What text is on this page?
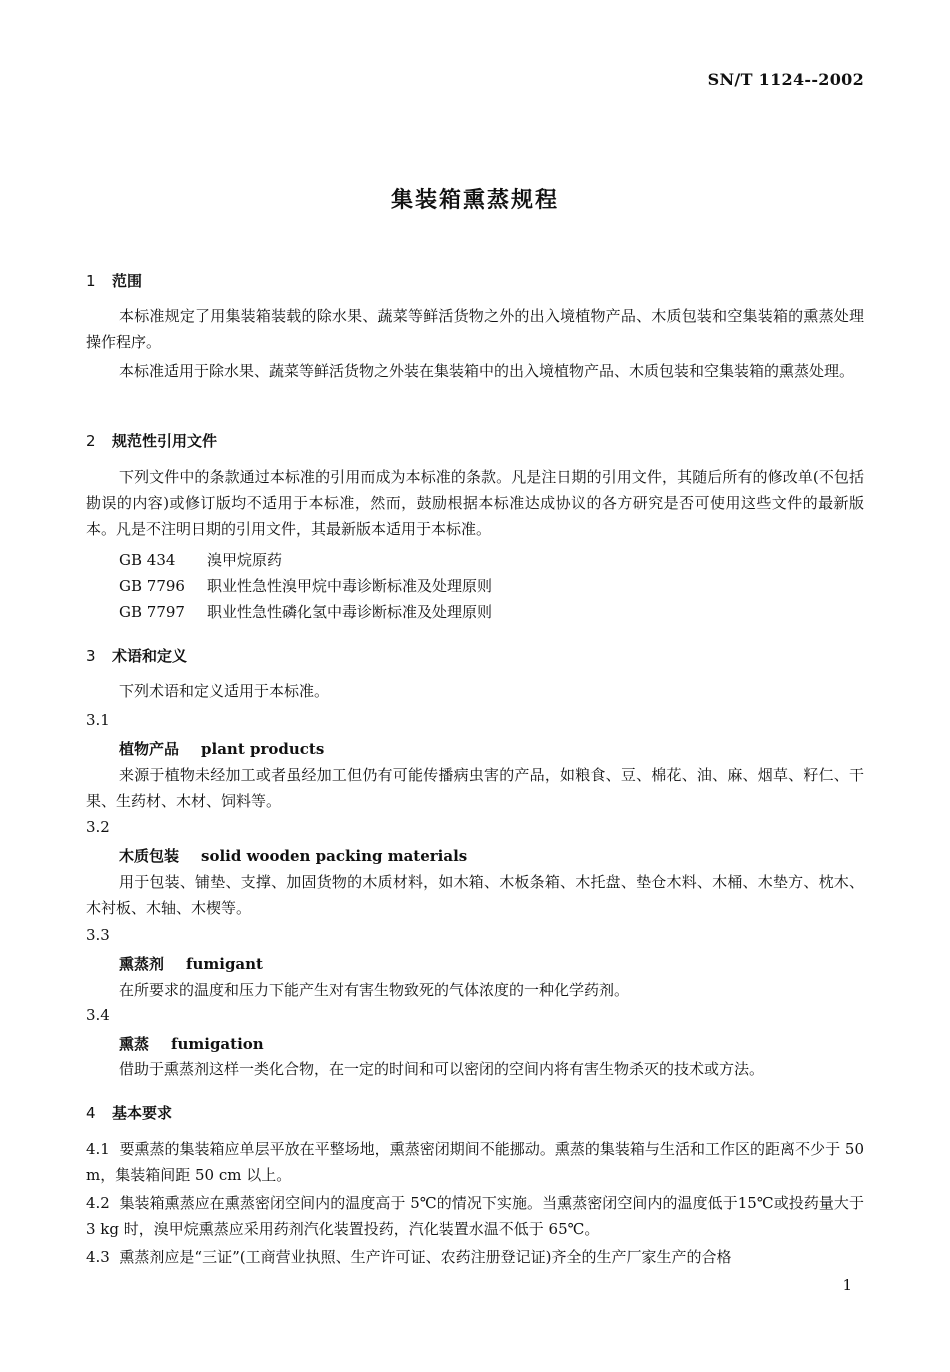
SN/T 1124--2002
集装箱熏蒸规程
1 范围
本标准规定了用集装箱装载的除水果、蔬菜等鲜活货物之外的出入境植物产品、木质包装和空集装箱的熏蒸处理操作程序。
本标准适用于除水果、蔬菜等鲜活货物之外装在集装箱中的出入境植物产品、木质包装和空集装箱的熏蒸处理。
2 规范性引用文件
下列文件中的条款通过本标准的引用而成为本标准的条款。凡是注日期的引用文件，其随后所有的修改单(不包括勘误的内容)或修订版均不适用于本标准，然而，鼓励根据本标准达成协议的各方研究是否可使用这些文件的最新版本。凡是不注明日期的引用文件，其最新版本适用于本标准。
GB 434 溴甲烷原药
GB 7796 职业性急性溴甲烷中毒诊断标准及处理原则
GB 7797 职业性急性磷化氢中毒诊断标准及处理原则
3 术语和定义
下列术语和定义适用于本标准。
3.1
植物产品 plant products
来源于植物未经加工或者虽经加工但仍有可能传播病虫害的产品，如粮食、豆、棉花、油、麻、烟草、籽仁、干果、生药材、木材、饲料等。
3.2
木质包装 solid wooden packing materials
用于包装、铺垫、支撑、加固货物的木质材料，如木箱、木板条箱、木托盘、垫仓木料、木桶、木垫方、枕木、木衬板、木轴、木楔等。
3.3
熏蒸剂 fumigant
在所要求的温度和压力下能产生对有害生物致死的气体浓度的一种化学药剂。
3.4
熏蒸 fumigation
借助于熏蒸剂这样一类化合物，在一定的时间和可以密闭的空间内将有害生物杀灭的技术或方法。
4 基本要求
4.1 要熏蒸的集装箱应单层平放在平整场地，熏蒸密闭期间不能挪动。熏蒸的集装箱与生活和工作区的距离不少于 50 m，集装箱间距 50 cm 以上。
4.2 集装箱熏蒸应在熏蒸密闭空间内的温度高于 5℃的情况下实施。当熏蒸密闭空间内的温度低于15℃或投药量大于 3 kg 时，溴甲烷熏蒸应采用药剂汽化装置投药，汽化装置水温不低于 65℃。
4.3 熏蒸剂应是“三证”(工商营业执照、生产许可证、农药注册登记证)齐全的生产厂家生产的合格
1
